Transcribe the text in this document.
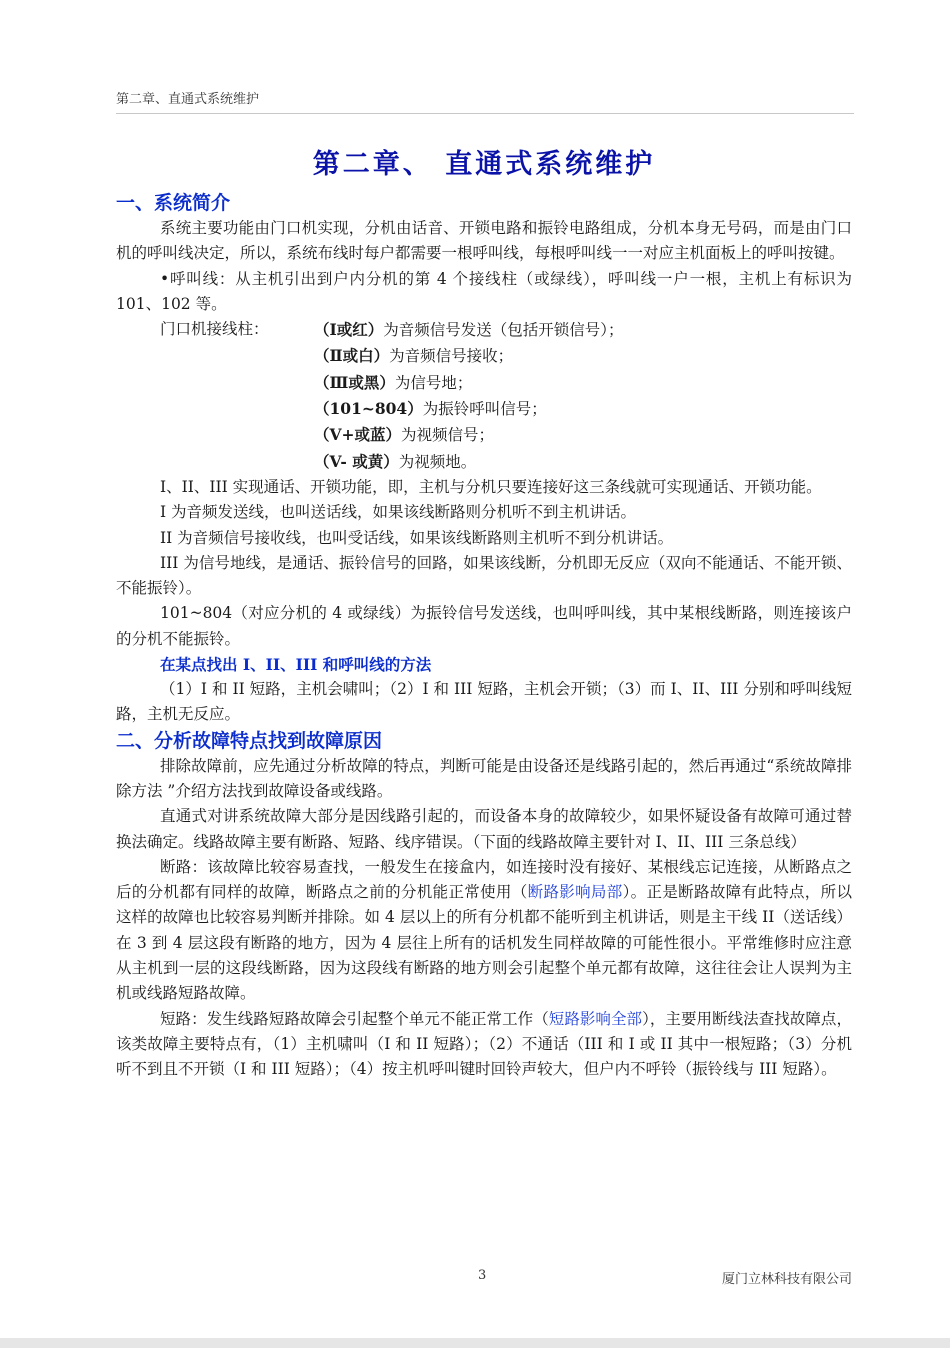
第二章、直通式系统维护
第二章、 直通式系统维护
一、系统简介

系统主要功能由门口机实现，分机由话音、开锁电路和振铃电路组成，分机本身无号码，而是由门口机的呼叫线决定，所以，系统布线时每户都需要一根呼叫线，每根呼叫线一一对应主机面板上的呼叫按键。

•呼叫线：从主机引出到户内分机的第 4 个接线柱（或绿线），呼叫线一户一根，主机上有标识为 101、102 等。

门口机接线柱：	（Ⅰ或红）为音频信号发送（包括开锁信号）；
（Ⅱ或白）为音频信号接收；
（Ⅲ或黑）为信号地；
（101~804）为振铃呼叫信号；
（V+或蓝）为视频信号；
（V- 或黄）为视频地。

I、II、III 实现通话、开锁功能，即，主机与分机只要连接好这三条线就可实现通话、开锁功能。

I 为音频发送线，也叫送话线，如果该线断路则分机听不到主机讲话。

II 为音频信号接收线，也叫受话线，如果该线断路则主机听不到分机讲话。

III 为信号地线，是通话、振铃信号的回路，如果该线断，分机即无反应（双向不能通话、不能开锁、不能振铃）。

101~804（对应分机的 4 或绿线）为振铃信号发送线，也叫呼叫线，其中某根线断路，则连接该户的分机不能振铃。

在某点找出 I、II、III 和呼叫线的方法

（1）I 和 II 短路，主机会啸叫；（2）I 和 III 短路，主机会开锁；（3）而 I、II、III 分别和呼叫线短路，主机无反应。

二、分析故障特点找到故障原因

排除故障前，应先通过分析故障的特点，判断可能是由设备还是线路引起的，然后再通过“系统故障排除方法 ”介绍方法找到故障设备或线路。

直通式对讲系统故障大部分是因线路引起的，而设备本身的故障较少，如果怀疑设备有故障可通过替换法确定。线路故障主要有断路、短路、线序错误。（下面的线路故障主要针对 I、II、III 三条总线）

断路：该故障比较容易查找，一般发生在接盒内，如连接时没有接好、某根线忘记连接，从断路点之后的分机都有同样的故障，断路点之前的分机能正常使用（断路影响局部）。正是断路故障有此特点，所以这样的故障也比较容易判断并排除。如 4 层以上的所有分机都不能听到主机讲话，则是主干线 II（送话线）在 3 到 4 层这段有断路的地方，因为 4 层往上所有的话机发生同样故障的可能性很小。平常维修时应注意从主机到一层的这段线断路，因为这段线有断路的地方则会引起整个单元都有故障，这往往会让人误判为主机或线路短路故障。

短路：发生线路短路故障会引起整个单元不能正常工作（短路影响全部），主要用断线法查找故障点，该类故障主要特点有，（1）主机啸叫（I 和 II 短路）；（2）不通话（III 和 I 或 II 其中一根短路；（3）分机听不到且不开锁（I 和 III 短路）；（4）按主机呼叫键时回铃声较大，但户内不呼铃（振铃线与 III 短路）。

3	厦门立林科技有限公司
